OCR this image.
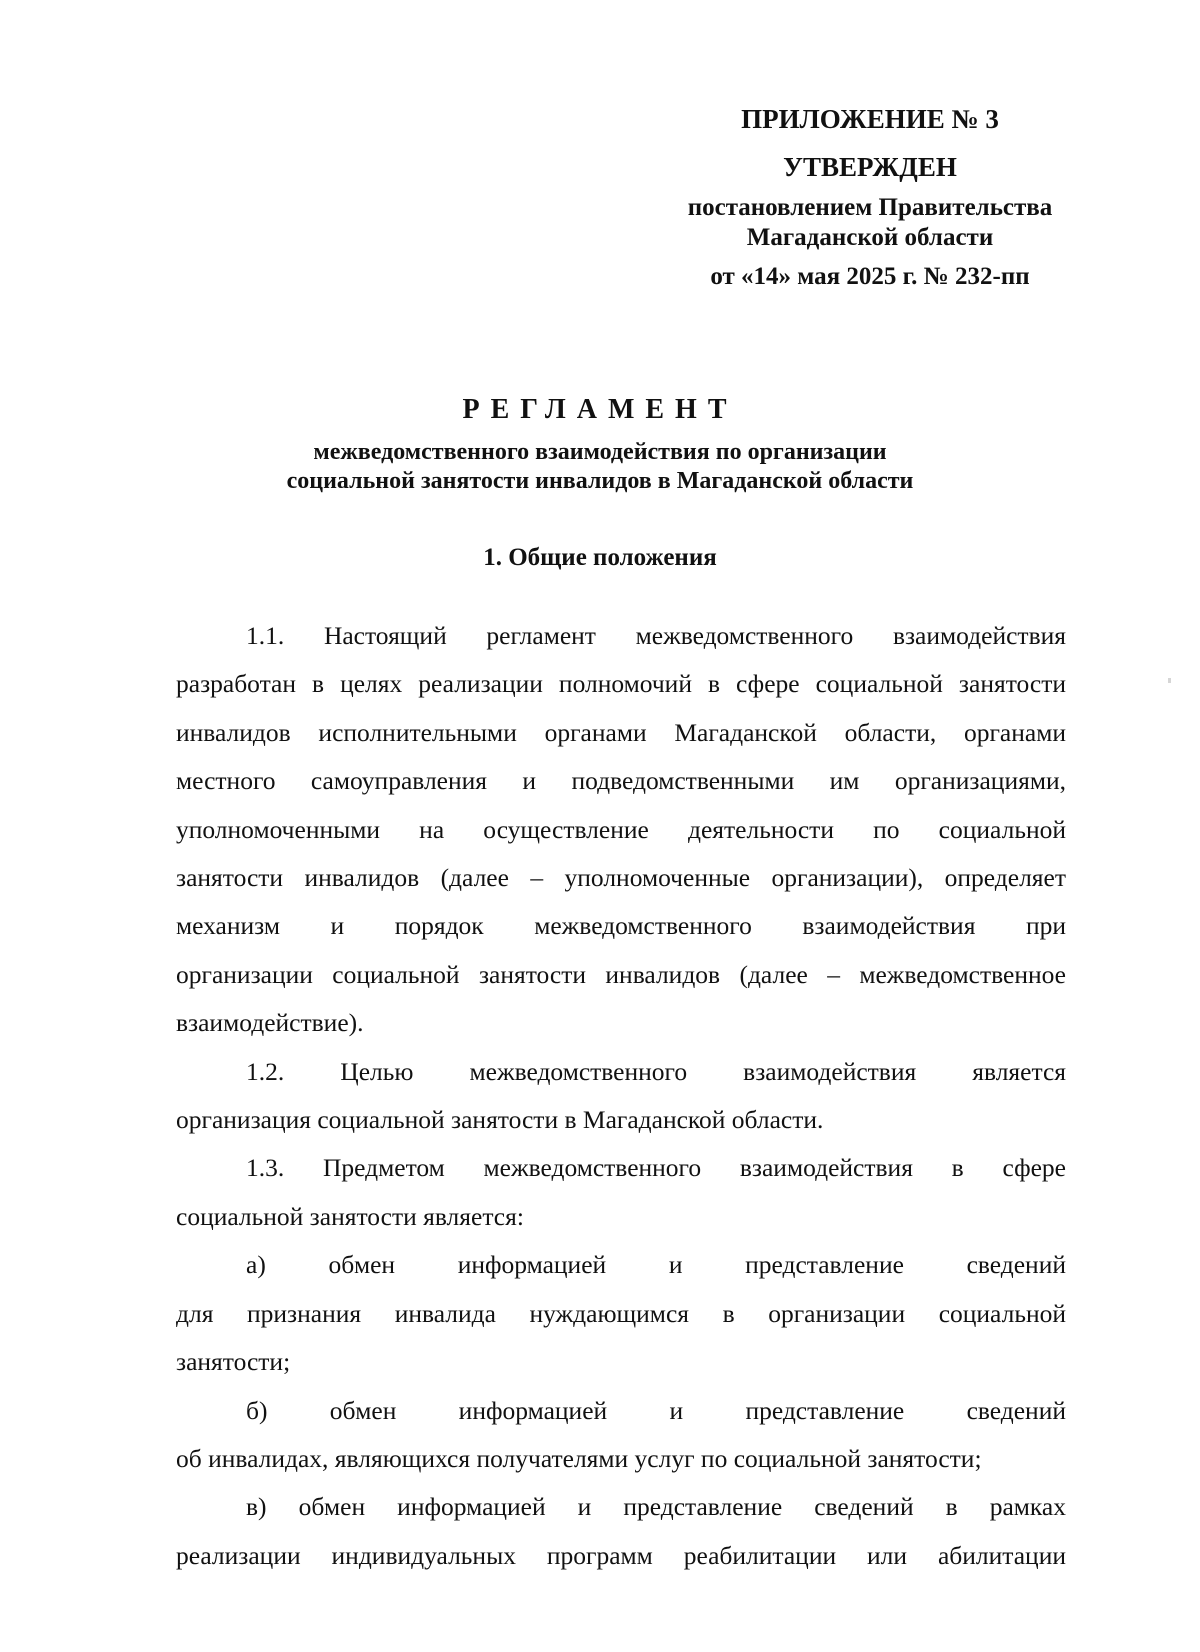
ПРИЛОЖЕНИЕ № 3
УТВЕРЖДЕН
постановлением Правительства
Магаданской области
от «14» мая 2025 г. № 232-пп
РЕГЛАМЕНТ
межведомственного взаимодействия по организации
социальной занятости инвалидов в Магаданской области
1. Общие положения

1.1. Настоящий регламент межведомственного взаимодействия

разработан в целях реализации полномочий в сфере социальной занятости

инвалидов исполнительными органами Магаданской области, органами

местного самоуправления и подведомственными им организациями,

уполномоченными на осуществление деятельности по социальной

занятости инвалидов (далее – уполномоченные организации), определяет

механизм и порядок межведомственного взаимодействия при

организации социальной занятости инвалидов (далее – межведомственное

взаимодействие).

1.2. Целью межведомственного взаимодействия является

организация социальной занятости в Магаданской области.

1.3. Предметом межведомственного взаимодействия в сфере

социальной занятости является:

а) обмен информацией и представление сведений

для признания инвалида нуждающимся в организации социальной

занятости;

б) обмен информацией и представление сведений

об инвалидах, являющихся получателями услуг по социальной занятости;

в) обмен информацией и представление сведений в рамках

реализации индивидуальных программ реабилитации или абилитации
